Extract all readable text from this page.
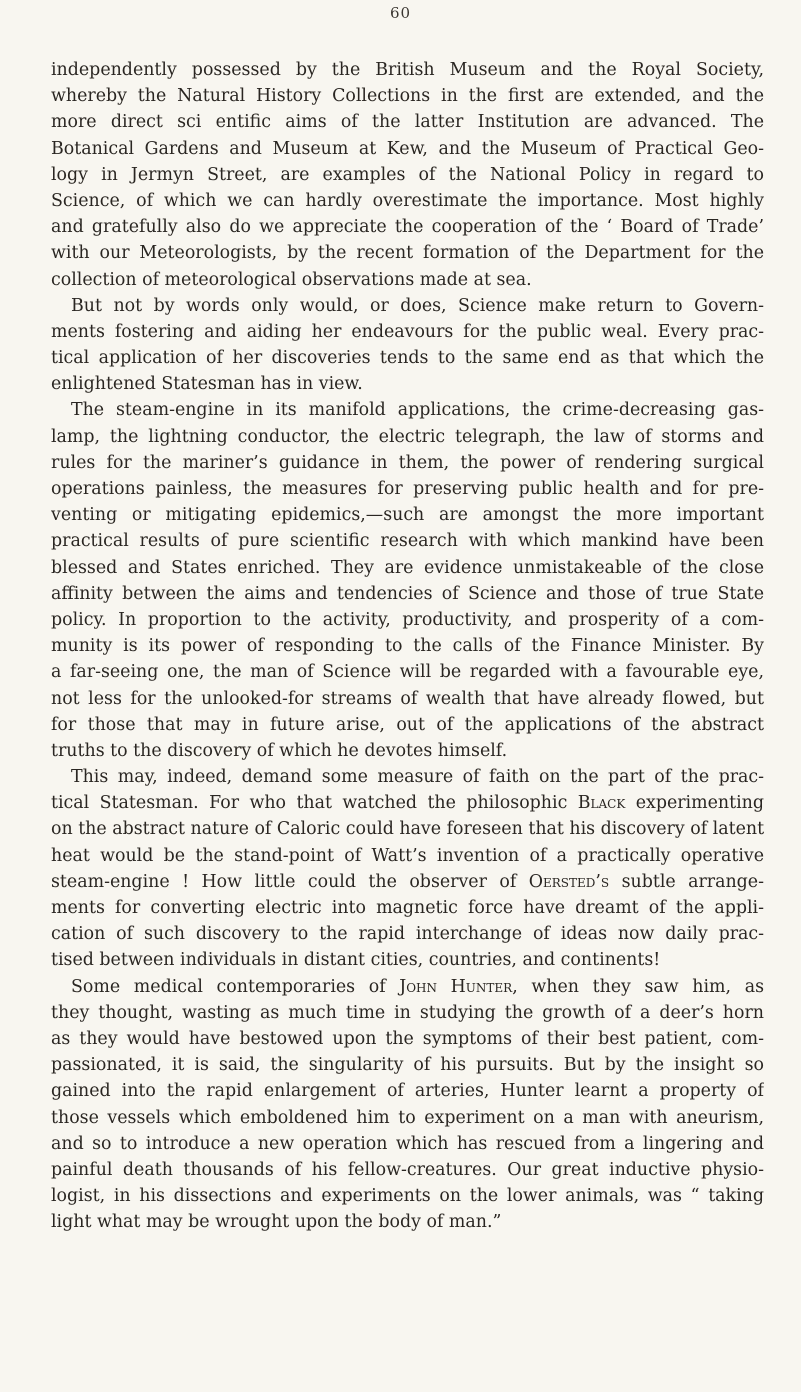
60
independently possessed by the British Museum and the Royal Society,
whereby the Natural History Collections in the first are extended, and the
more direct sci entific aims of the latter Institution are advanced. The
Botanical Gardens and Museum at Kew, and the Museum of Practical Geo-
logy in Jermyn Street, are examples of the National Policy in regard to
Science, of which we can hardly overestimate the importance. Most highly
and gratefully also do we appreciate the cooperation of the ‘ Board of Trade’
with our Meteorologists, by the recent formation of the Department for the
collection of meteorological observations made at sea.
But not by words only would, or does, Science make return to Govern-
ments fostering and aiding her endeavours for the public weal. Every prac-
tical application of her discoveries tends to the same end as that which the
enlightened Statesman has in view.
The steam-engine in its manifold applications, the crime-decreasing gas-
lamp, the lightning conductor, the electric telegraph, the law of storms and
rules for the mariner’s guidance in them, the power of rendering surgical
operations painless, the measures for preserving public health and for pre-
venting or mitigating epidemics,—such are amongst the more important
practical results of pure scientific research with which mankind have been
blessed and States enriched. They are evidence unmistakeable of the close
affinity between the aims and tendencies of Science and those of true State
policy. In proportion to the activity, productivity, and prosperity of a com-
munity is its power of responding to the calls of the Finance Minister. By
a far-seeing one, the man of Science will be regarded with a favourable eye,
not less for the unlooked-for streams of wealth that have already flowed, but
for those that may in future arise, out of the applications of the abstract
truths to the discovery of which he devotes himself.
This may, indeed, demand some measure of faith on the part of the prac-
tical Statesman. For who that watched the philosophic Black experimenting
on the abstract nature of Caloric could have foreseen that his discovery of latent
heat would be the stand-point of Watt’s invention of a practically operative
steam-engine ! How little could the observer of Oersted’s subtle arrange-
ments for converting electric into magnetic force have dreamt of the appli-
cation of such discovery to the rapid interchange of ideas now daily prac-
tised between individuals in distant cities, countries, and continents!
Some medical contemporaries of John Hunter, when they saw him, as
they thought, wasting as much time in studying the growth of a deer’s horn
as they would have bestowed upon the symptoms of their best patient, com-
passionated, it is said, the singularity of his pursuits. But by the insight so
gained into the rapid enlargement of arteries, Hunter learnt a property of
those vessels which emboldened him to experiment on a man with aneurism,
and so to introduce a new operation which has rescued from a lingering and
painful death thousands of his fellow-creatures. Our great inductive physio-
logist, in his dissections and experiments on the lower animals, was “ taking
light what may be wrought upon the body of man.”
